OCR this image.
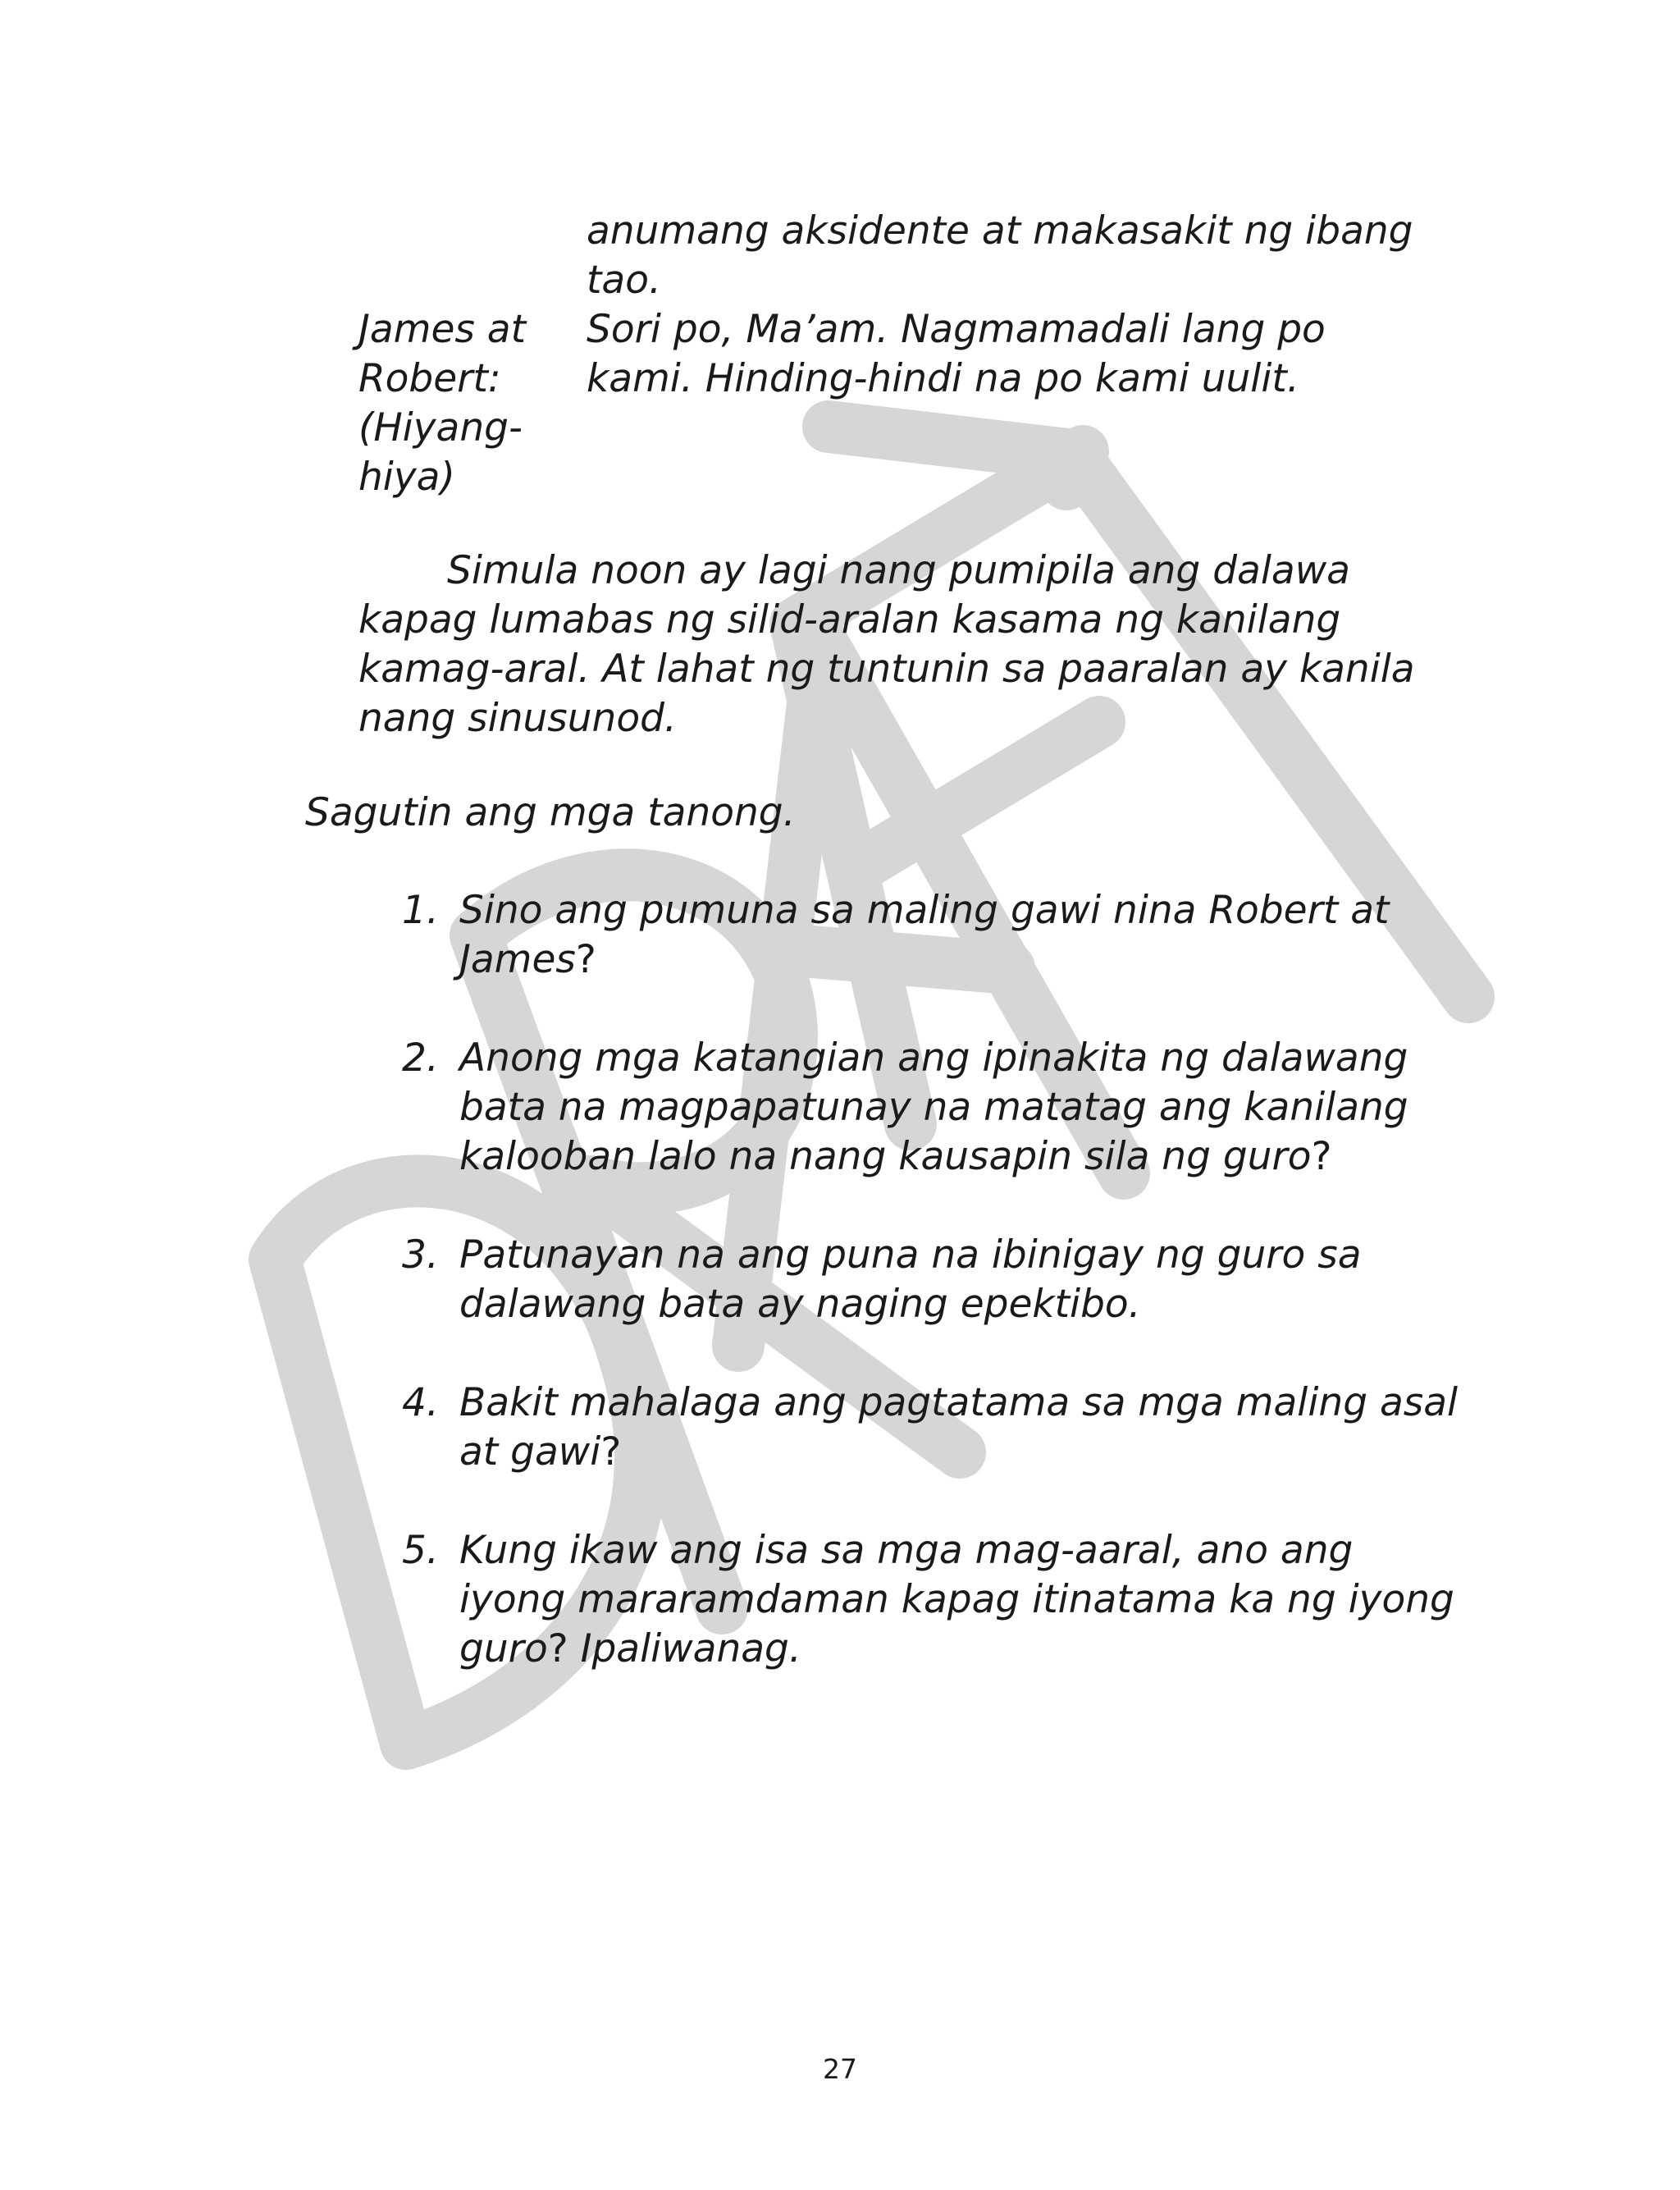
anumang aksidente at makasakit ng ibang
tao.
James at
Robert:
(Hiyang-
hiya)
Sori po, Ma’am. Nagmamadali lang po
kami. Hinding-hindi na po kami uulit.
Simula noon ay lagi nang pumipila ang dalawa
kapag lumabas ng silid-aralan kasama ng kanilang
kamag-aral. At lahat ng tuntunin sa paaralan ay kanila
nang sinusunod.
Sagutin ang mga tanong.
1. Sino ang pumuna sa maling gawi nina Robert at
James?
2. Anong mga katangian ang ipinakita ng dalawang
bata na magpapatunay na matatag ang kanilang
kalooban lalo na nang kausapin sila ng guro?
3. Patunayan na ang puna na ibinigay ng guro sa
dalawang bata ay naging epektibo.
4. Bakit mahalaga ang pagtatama sa mga maling asal
at gawi?
5. Kung ikaw ang isa sa mga mag-aaral, ano ang
iyong mararamdaman kapag itinatama ka ng iyong
guro? Ipaliwanag.
27
